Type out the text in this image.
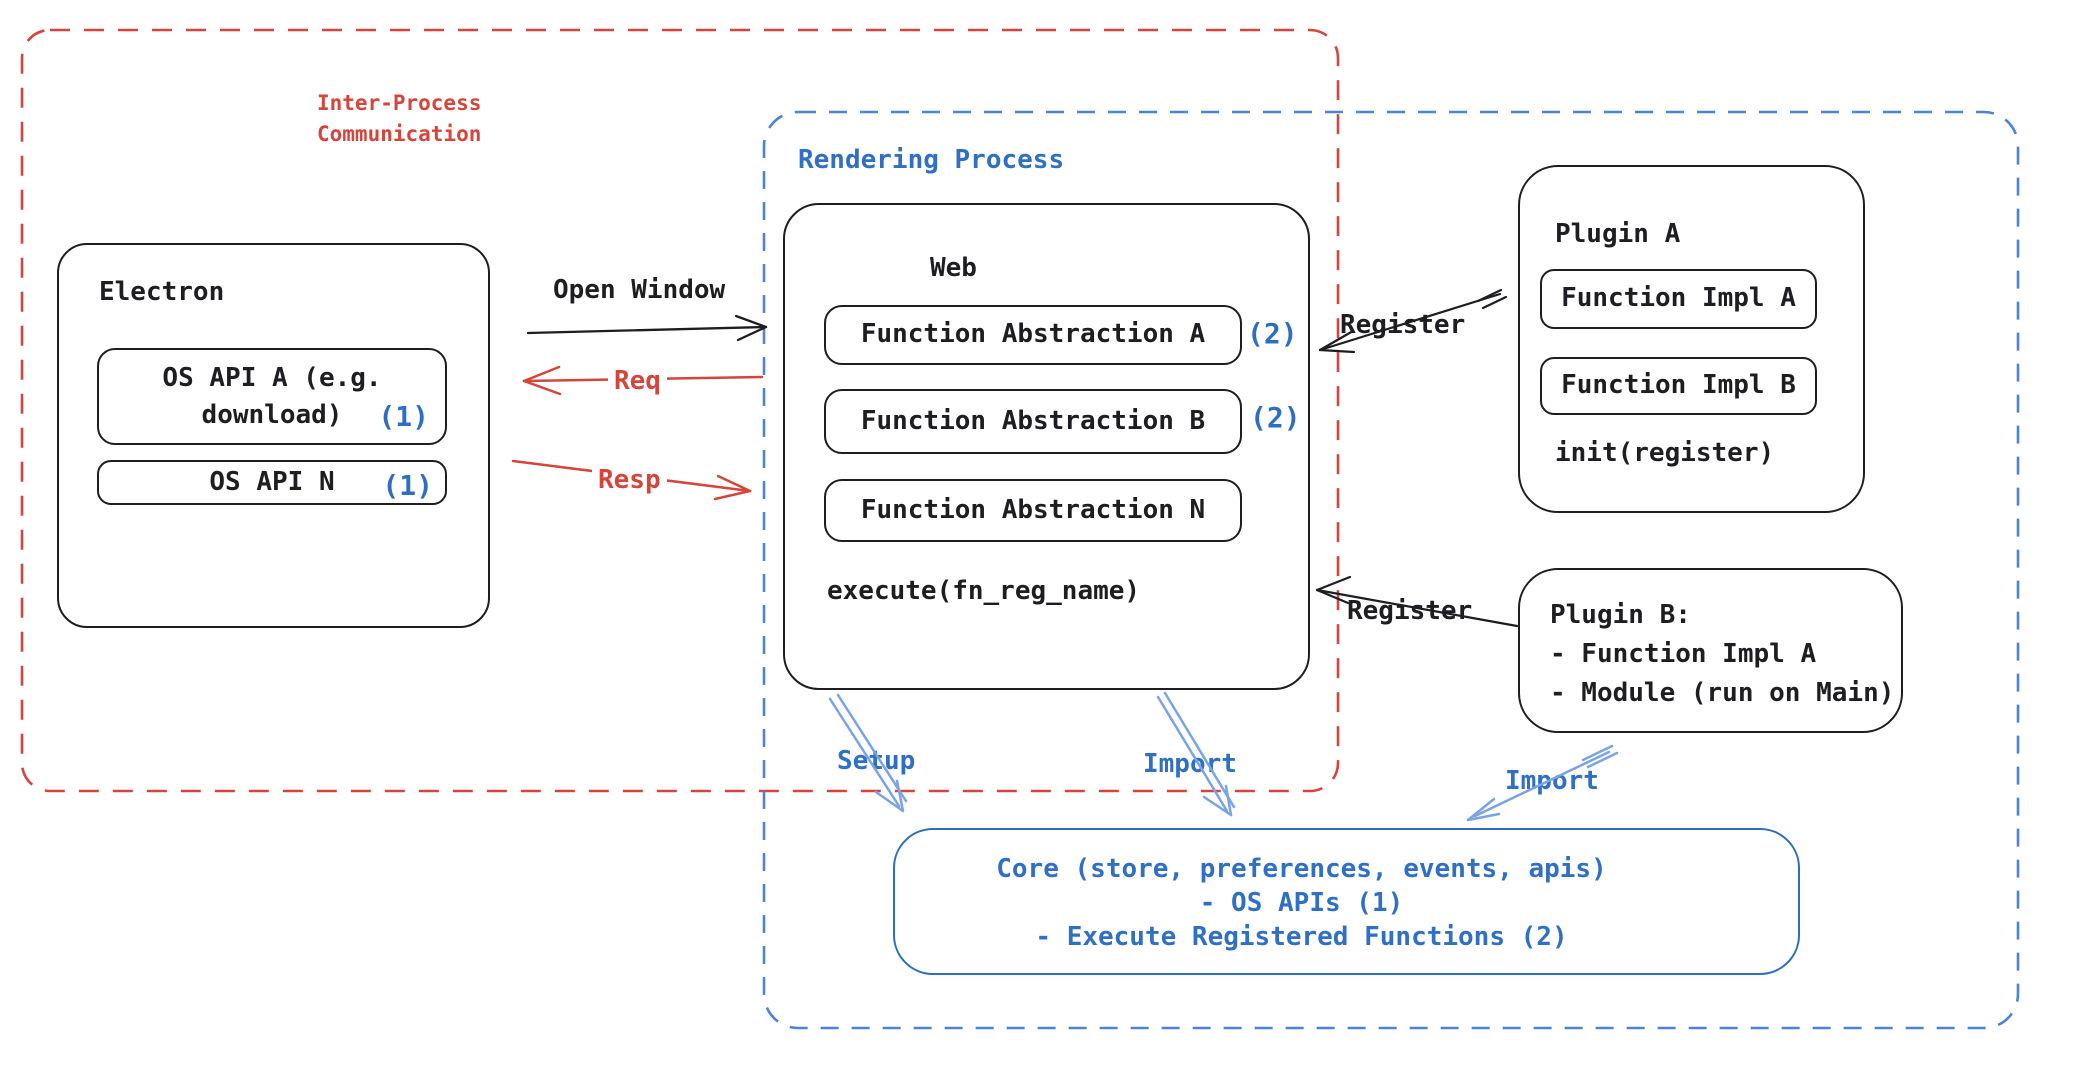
Electron
OS API A (e.g.
download)	(1)
OS API N (1)
Web
Function Abstraction A (2)
Function Abstraction B (2)
Function Abstraction N
execute(fn_reg_name)
Plugin A
Function Impl A
Function Impl B
init(register)
Plugin B:
- Function Impl A
- Module (run on Main)
Core (store, preferences, events, apis)
- OS APIs (1)
- Execute Registered Functions (2)
Inter-Process
Communication
Rendering Process
Open Window
Req
Resp
Register
Register
Setup	Import
Import
